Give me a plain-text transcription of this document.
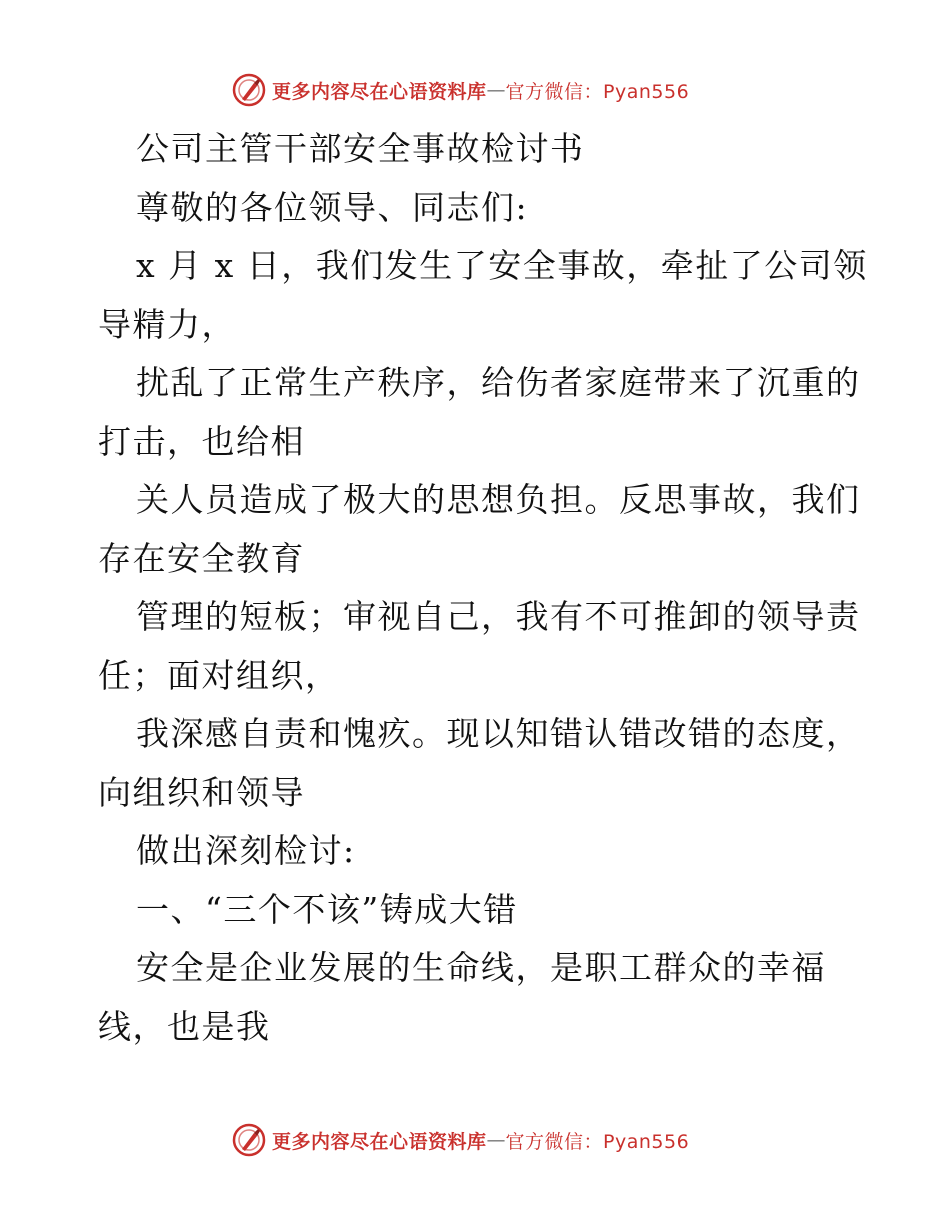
更多内容尽在心语资料库 — 官方微信：Pyan556
公司主管干部安全事故检讨书
尊敬的各位领导、同志们:
x 月 x 日，我们发生了安全事故，牵扯了公司领
导精力，
扰乱了正常生产秩序，给伤者家庭带来了沉重的
打击，也给相
关人员造成了极大的思想负担。反思事故，我们
存在安全教育
管理的短板；审视自己，我有不可推卸的领导责
任；面对组织，
我深感自责和愧疚。现以知错认错改错的态度，
向组织和领导
做出深刻检讨:
一、“三个不该”铸成大错
安全是企业发展的生命线，是职工群众的幸福
线，也是我
更多内容尽在心语资料库 — 官方微信：Pyan556
